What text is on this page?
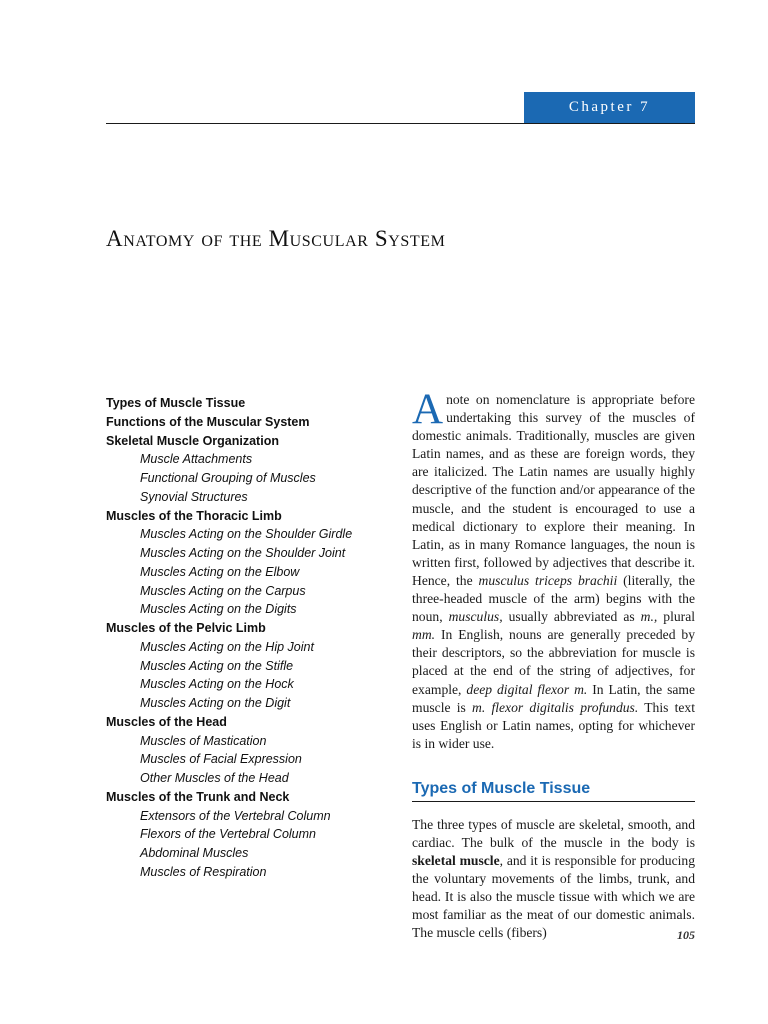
Chapter 7
Anatomy of the Muscular System
Types of Muscle Tissue
Functions of the Muscular System
Skeletal Muscle Organization
Muscle Attachments
Functional Grouping of Muscles
Synovial Structures
Muscles of the Thoracic Limb
Muscles Acting on the Shoulder Girdle
Muscles Acting on the Shoulder Joint
Muscles Acting on the Elbow
Muscles Acting on the Carpus
Muscles Acting on the Digits
Muscles of the Pelvic Limb
Muscles Acting on the Hip Joint
Muscles Acting on the Stifle
Muscles Acting on the Hock
Muscles Acting on the Digit
Muscles of the Head
Muscles of Mastication
Muscles of Facial Expression
Other Muscles of the Head
Muscles of the Trunk and Neck
Extensors of the Vertebral Column
Flexors of the Vertebral Column
Abdominal Muscles
Muscles of Respiration

A note on nomenclature is appropriate before undertaking this survey of the muscles of domestic animals. Traditionally, muscles are given Latin names, and as these are foreign words, they are italicized. The Latin names are usually highly descriptive of the function and/or appearance of the muscle, and the student is encouraged to use a medical dictionary to explore their meaning. In Latin, as in many Romance languages, the noun is written first, followed by adjectives that describe it. Hence, the musculus triceps brachii (literally, the three-headed muscle of the arm) begins with the noun, musculus, usually abbreviated as m., plural mm. In English, nouns are generally preceded by their descriptors, so the abbreviation for muscle is placed at the end of the string of adjectives, for example, deep digital flexor m. In Latin, the same muscle is m. flexor digitalis profundus. This text uses English or Latin names, opting for whichever is in wider use.

Types of Muscle Tissue

The three types of muscle are skeletal, smooth, and cardiac. The bulk of the muscle in the body is skeletal muscle, and it is responsible for producing the voluntary movements of the limbs, trunk, and head. It is also the muscle tissue with which we are most familiar as the meat of our domestic animals. The muscle cells (fibers)	105
